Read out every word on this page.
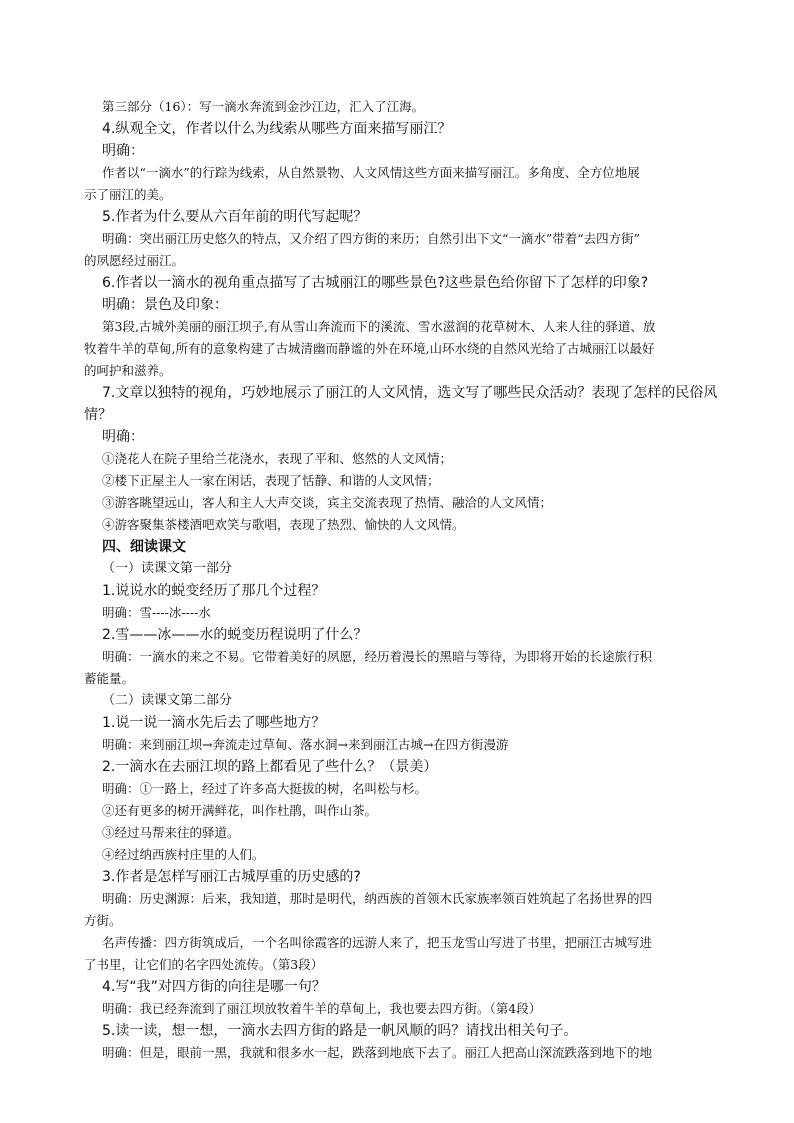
第三部分（16）：写一滴水奔流到金沙江边，汇入了江海。

4.纵观全文，作者以什么为线索从哪些方面来描写丽江？

明确：

作者以“一滴水”的行踪为线索，从自然景物、人文风情这些方面来描写丽江。多角度、全方位地展

示了丽江的美。

5.作者为什么要从六百年前的明代写起呢？

明确：突出丽江历史悠久的特点，又介绍了四方街的来历；自然引出下文“一滴水”带着“去四方街”

的夙愿经过丽江。

6.作者以一滴水的视角重点描写了古城丽江的哪些景色?这些景色给你留下了怎样的印象?

明确：景色及印象：

第3段,古城外美丽的丽江坝子,有从雪山奔流而下的溪流、雪水滋润的花草树木、人来人往的驿道、放

牧着牛羊的草甸,所有的意象构建了古城清幽而静谧的外在环境,山环水绕的自然风光给了古城丽江以最好

的呵护和滋养。

7.文章以独特的视角，巧妙地展示了丽江的人文风情，选文写了哪些民众活动？表现了怎样的民俗风

情？

明确：

①浇花人在院子里给兰花浇水，表现了平和、悠然的人文风情；

②楼下正屋主人一家在闲话，表现了恬静、和谐的人文风情；

③游客眺望远山，客人和主人大声交谈，宾主交流表现了热情、融洽的人文风情；

④游客聚集茶楼酒吧欢笑与歌唱，表现了热烈、愉快的人文风情。

四、细读课文

（一）读课文第一部分

1.说说水的蜕变经历了那几个过程？

明确：雪----冰----水

2.雪——冰——水的蜕变历程说明了什么？

明确：一滴水的来之不易。它带着美好的夙愿，经历着漫长的黑暗与等待，为即将开始的长途旅行积

蓄能量。

（二）读课文第二部分

1.说一说一滴水先后去了哪些地方？

明确：来到丽江坝→奔流走过草甸、落水洞→来到丽江古城→在四方街漫游

2.一滴水在去丽江坝的路上都看见了些什么？（景美）

明确：①一路上，经过了许多高大挺拔的树，名叫松与杉。

②还有更多的树开满鲜花，叫作杜鹃，叫作山茶。

③经过马帮来往的驿道。

④经过纳西族村庄里的人们。

3.作者是怎样写丽江古城厚重的历史感的?

明确：历史渊源：后来，我知道，那时是明代，纳西族的首领木氏家族率领百姓筑起了名扬世界的四

方街。

名声传播：四方街筑成后，一个名叫徐霞客的远游人来了，把玉龙雪山写进了书里，把丽江古城写进

了书里，让它们的名字四处流传。（第3段）

4.写“我”对四方街的向往是哪一句？

明确：我已经奔流到了丽江坝放牧着牛羊的草甸上，我也要去四方街。（第4段）

5.读一读，想一想，一滴水去四方街的路是一帆风顺的吗？请找出相关句子。

明确：但是，眼前一黑，我就和很多水一起，跌落到地底下去了。丽江人把高山深流跌落到地下的地
